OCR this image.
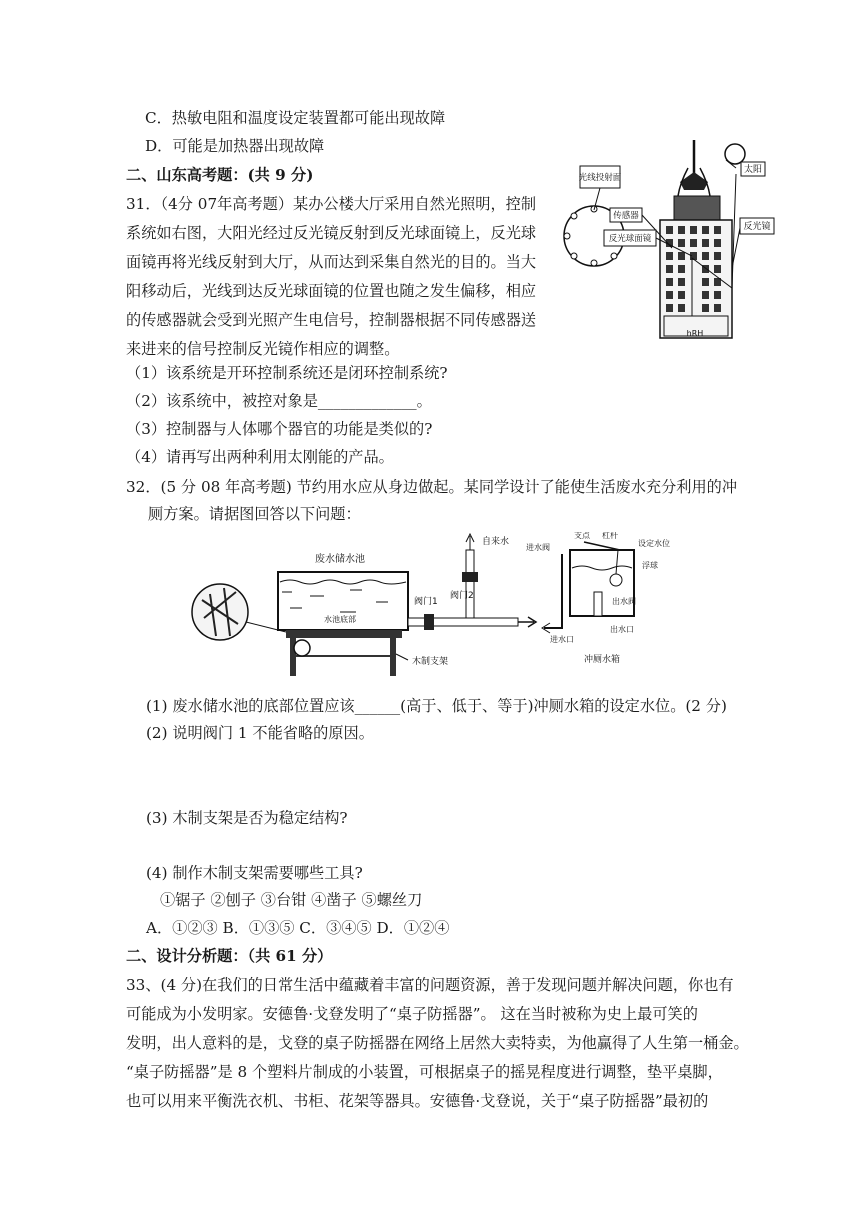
C．热敏电阻和温度设定装置都可能出现故障
D．可能是加热器出现故障
二、山东高考题：(共 9 分)
31．（4分 07年高考题）某办公楼大厅采用自然光照明，控制
系统如右图，大阳光经过反光镜反射到反光球面镜上，反光球
面镜再将光线反射到大厅，从而达到采集自然光的目的。当大
阳移动后，光线到达反光球面镜的位置也随之发生偏移，相应
的传感器就会受到光照产生电信号，控制器根据不同传感器送
来进来的信号控制反光镜作相应的调整。
（1）该系统是开环控制系统还是闭环控制系统?
（2）该系统中，被控对象是_____________。
（3）控制器与人体哪个器官的功能是类似的?
（4）请再写出两种利用太刚能的产品。
32．(5 分 08 年高考题) 节约用水应从身边做起。某同学设计了能使生活废水充分利用的冲
厕方案。请据图回答以下问题：
(1) 废水储水池的底部位置应该______(高于、低于、等于)冲厕水箱的设定水位。(2 分)
(2) 说明阀门 1 不能省略的原因。
(3) 木制支架是否为稳定结构?
(4) 制作木制支架需要哪些工具?
①锯子 ②刨子 ③台钳 ④凿子 ⑤螺丝刀
A．①②③ B．①③⑤ C．③④⑤ D．①②④
二、设计分析题：（共 61 分）
33、(4 分)在我们的日常生活中蕴藏着丰富的问题资源，善于发现问题并解决问题，你也有
可能成为小发明家。安德鲁·戈登发明了“桌子防摇器”。 这在当时被称为史上最可笑的
发明，出人意料的是，戈登的桌子防摇器在网络上居然大卖特卖，为他赢得了人生第一桶金。
“桌子防摇器”是 8 个塑料片制成的小装置，可根据桌子的摇晃程度进行调整，垫平桌脚，
也可以用来平衡洗衣机、书柜、花架等器具。安德鲁·戈登说，关于“桌子防摇器”最初的
太阳
反光镜
光线投射面
传感器
反光球面镜
hRH
废水储水池
水池底部
木制支架
阀门1
阀门2
自来水
进水阀
支点 杠杆
设定水位
浮球
出水阀
进水口
出水口
冲厕水箱
